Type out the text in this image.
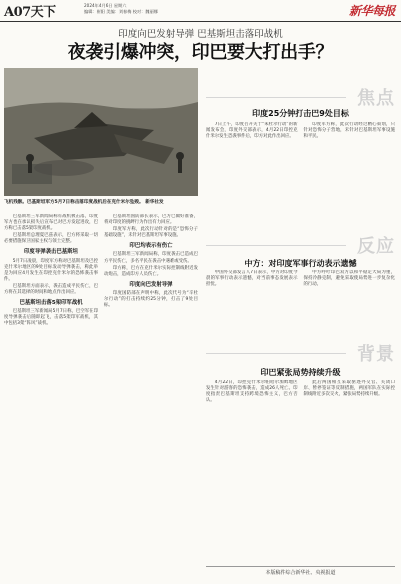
A07天下	2024年4月6日 星期六
编辑：崔阳 美编：刘春梅 校对：魏丽娜	新华每报
印度向巴发射导弹 巴基斯坦击落印战机
夜袭引爆冲突，印巴要大打出手？
飞机残骸。巴基斯坦军方5月7日称击落印度战机后在克什米尔坠毁。 新华社发

巴基斯坦三军新闻局称有战机被击落，印度军方也在承认损失后宣布已对巴方发起进攻，巴方称已击落5架印度战机。

巴基斯坦总理夏巴兹表示，巴方将采取一切必要措施保卫国家主权与领土完整。

印度导弹袭击巴基斯坦

5月7日凌晨，印度军方称对巴基斯坦及巴控克什米尔地区的9处目标发动导弹袭击，称此举是为回应4月发生在印控克什米尔的恐怖袭击事件。

巴基斯坦方面表示，袭击造成平民伤亡，巴方将在其选择的时间和地点作出回应。

巴基斯坦击落5架印军战机

巴基斯坦三军新闻局5月7日称，巴空军在印度导弹袭击后随即起飞，击落5架印军战机，其中包括3架“阵风”战机。

巴基斯坦国防部长表示，巴方已做好准备，将对印度的挑衅行为作出有力回应。

印度军方称，此次行动针对的是“恐怖分子基础设施”，未针对巴基斯坦军事设施。

印巴均表示有伤亡

巴基斯坦三军新闻局称，印度袭击已造成巴方平民伤亡，多名平民在袭击中遇难或受伤。

印方称，巴方在克什米尔实际控制线附近发动炮击，造成印方人员伤亡。

印度向巴发射导弹

印度国防部在声明中称，此次代号为“辛杜尔行动”的打击持续约25分钟，打击了9处目标。

焦点
印度25分钟打击巴9处目标

7日上午，印度召开关于“朱杜尔行动”的新闻发布会，印度外交部表示，4月22日印控克什米尔发生恐袭事件后，印方对此作出回应。

印度军方称，此次行动经过精心策划，只针对恐怖分子营地，未针对巴基斯坦军事设施和平民。

反应
中方：对印度军事行动表示遗憾

中国外交部发言人7日表示，中方对印度今晨的军事行动表示遗憾，对当前事态发展表示担忧。

中方呼吁印巴双方以和平稳定大局为重，保持冷静克制，避免采取使局势进一步复杂化的行动。

背景
印巴紧张局势持续升级

4月22日，印控克什米尔帕哈尔加姆地区发生针对游客的恐怖袭击，造成26人死亡。印度指责巴基斯坦支持跨境恐怖主义，巴方否认。

此后两国相互采取驱逐外交官、关闭口岸、暂停签证等反制措施，两国军队在实际控制线附近多次交火，紧张局势持续升级。

本版稿件综合新华社、央视报道
